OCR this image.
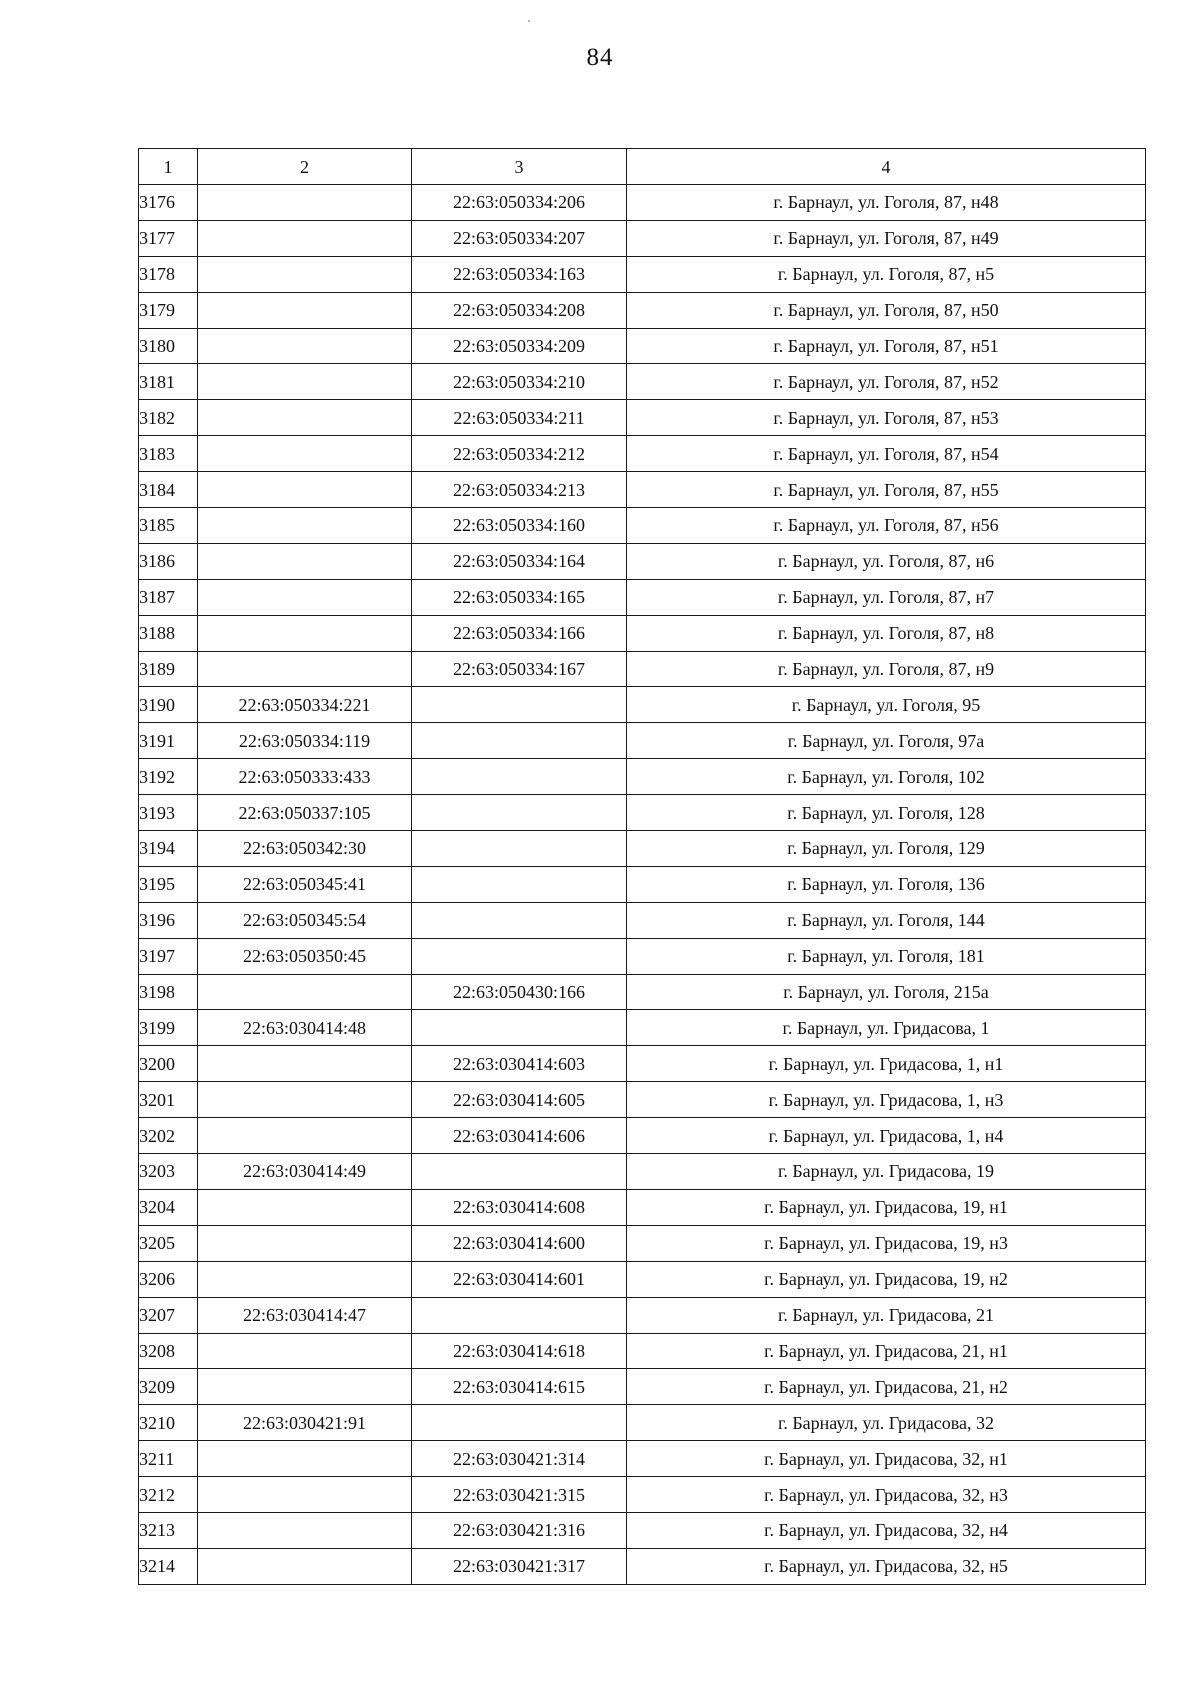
84
1	2	3	4
3176		22:63:050334:206	г. Барнаул, ул. Гоголя, 87, н48
3177		22:63:050334:207	г. Барнаул, ул. Гоголя, 87, н49
3178		22:63:050334:163	г. Барнаул, ул. Гоголя, 87, н5
3179		22:63:050334:208	г. Барнаул, ул. Гоголя, 87, н50
3180		22:63:050334:209	г. Барнаул, ул. Гоголя, 87, н51
3181		22:63:050334:210	г. Барнаул, ул. Гоголя, 87, н52
3182		22:63:050334:211	г. Барнаул, ул. Гоголя, 87, н53
3183		22:63:050334:212	г. Барнаул, ул. Гоголя, 87, н54
3184		22:63:050334:213	г. Барнаул, ул. Гоголя, 87, н55
3185		22:63:050334:160	г. Барнаул, ул. Гоголя, 87, н56
3186		22:63:050334:164	г. Барнаул, ул. Гоголя, 87, н6
3187		22:63:050334:165	г. Барнаул, ул. Гоголя, 87, н7
3188		22:63:050334:166	г. Барнаул, ул. Гоголя, 87, н8
3189		22:63:050334:167	г. Барнаул, ул. Гоголя, 87, н9
3190	22:63:050334:221		г. Барнаул, ул. Гоголя, 95
3191	22:63:050334:119		г. Барнаул, ул. Гоголя, 97а
3192	22:63:050333:433		г. Барнаул, ул. Гоголя, 102
3193	22:63:050337:105		г. Барнаул, ул. Гоголя, 128
3194	22:63:050342:30		г. Барнаул, ул. Гоголя, 129
3195	22:63:050345:41		г. Барнаул, ул. Гоголя, 136
3196	22:63:050345:54		г. Барнаул, ул. Гоголя, 144
3197	22:63:050350:45		г. Барнаул, ул. Гоголя, 181
3198		22:63:050430:166	г. Барнаул, ул. Гоголя, 215а
3199	22:63:030414:48		г. Барнаул, ул. Гридасова, 1
3200		22:63:030414:603	г. Барнаул, ул. Гридасова, 1, н1
3201		22:63:030414:605	г. Барнаул, ул. Гридасова, 1, н3
3202		22:63:030414:606	г. Барнаул, ул. Гридасова, 1, н4
3203	22:63:030414:49		г. Барнаул, ул. Гридасова, 19
3204		22:63:030414:608	г. Барнаул, ул. Гридасова, 19, н1
3205		22:63:030414:600	г. Барнаул, ул. Гридасова, 19, н3
3206		22:63:030414:601	г. Барнаул, ул. Гридасова, 19, н2
3207	22:63:030414:47		г. Барнаул, ул. Гридасова, 21
3208		22:63:030414:618	г. Барнаул, ул. Гридасова, 21, н1
3209		22:63:030414:615	г. Барнаул, ул. Гридасова, 21, н2
3210	22:63:030421:91		г. Барнаул, ул. Гридасова, 32
3211		22:63:030421:314	г. Барнаул, ул. Гридасова, 32, н1
3212		22:63:030421:315	г. Барнаул, ул. Гридасова, 32, н3
3213		22:63:030421:316	г. Барнаул, ул. Гридасова, 32, н4
3214		22:63:030421:317	г. Барнаул, ул. Гридасова, 32, н5
